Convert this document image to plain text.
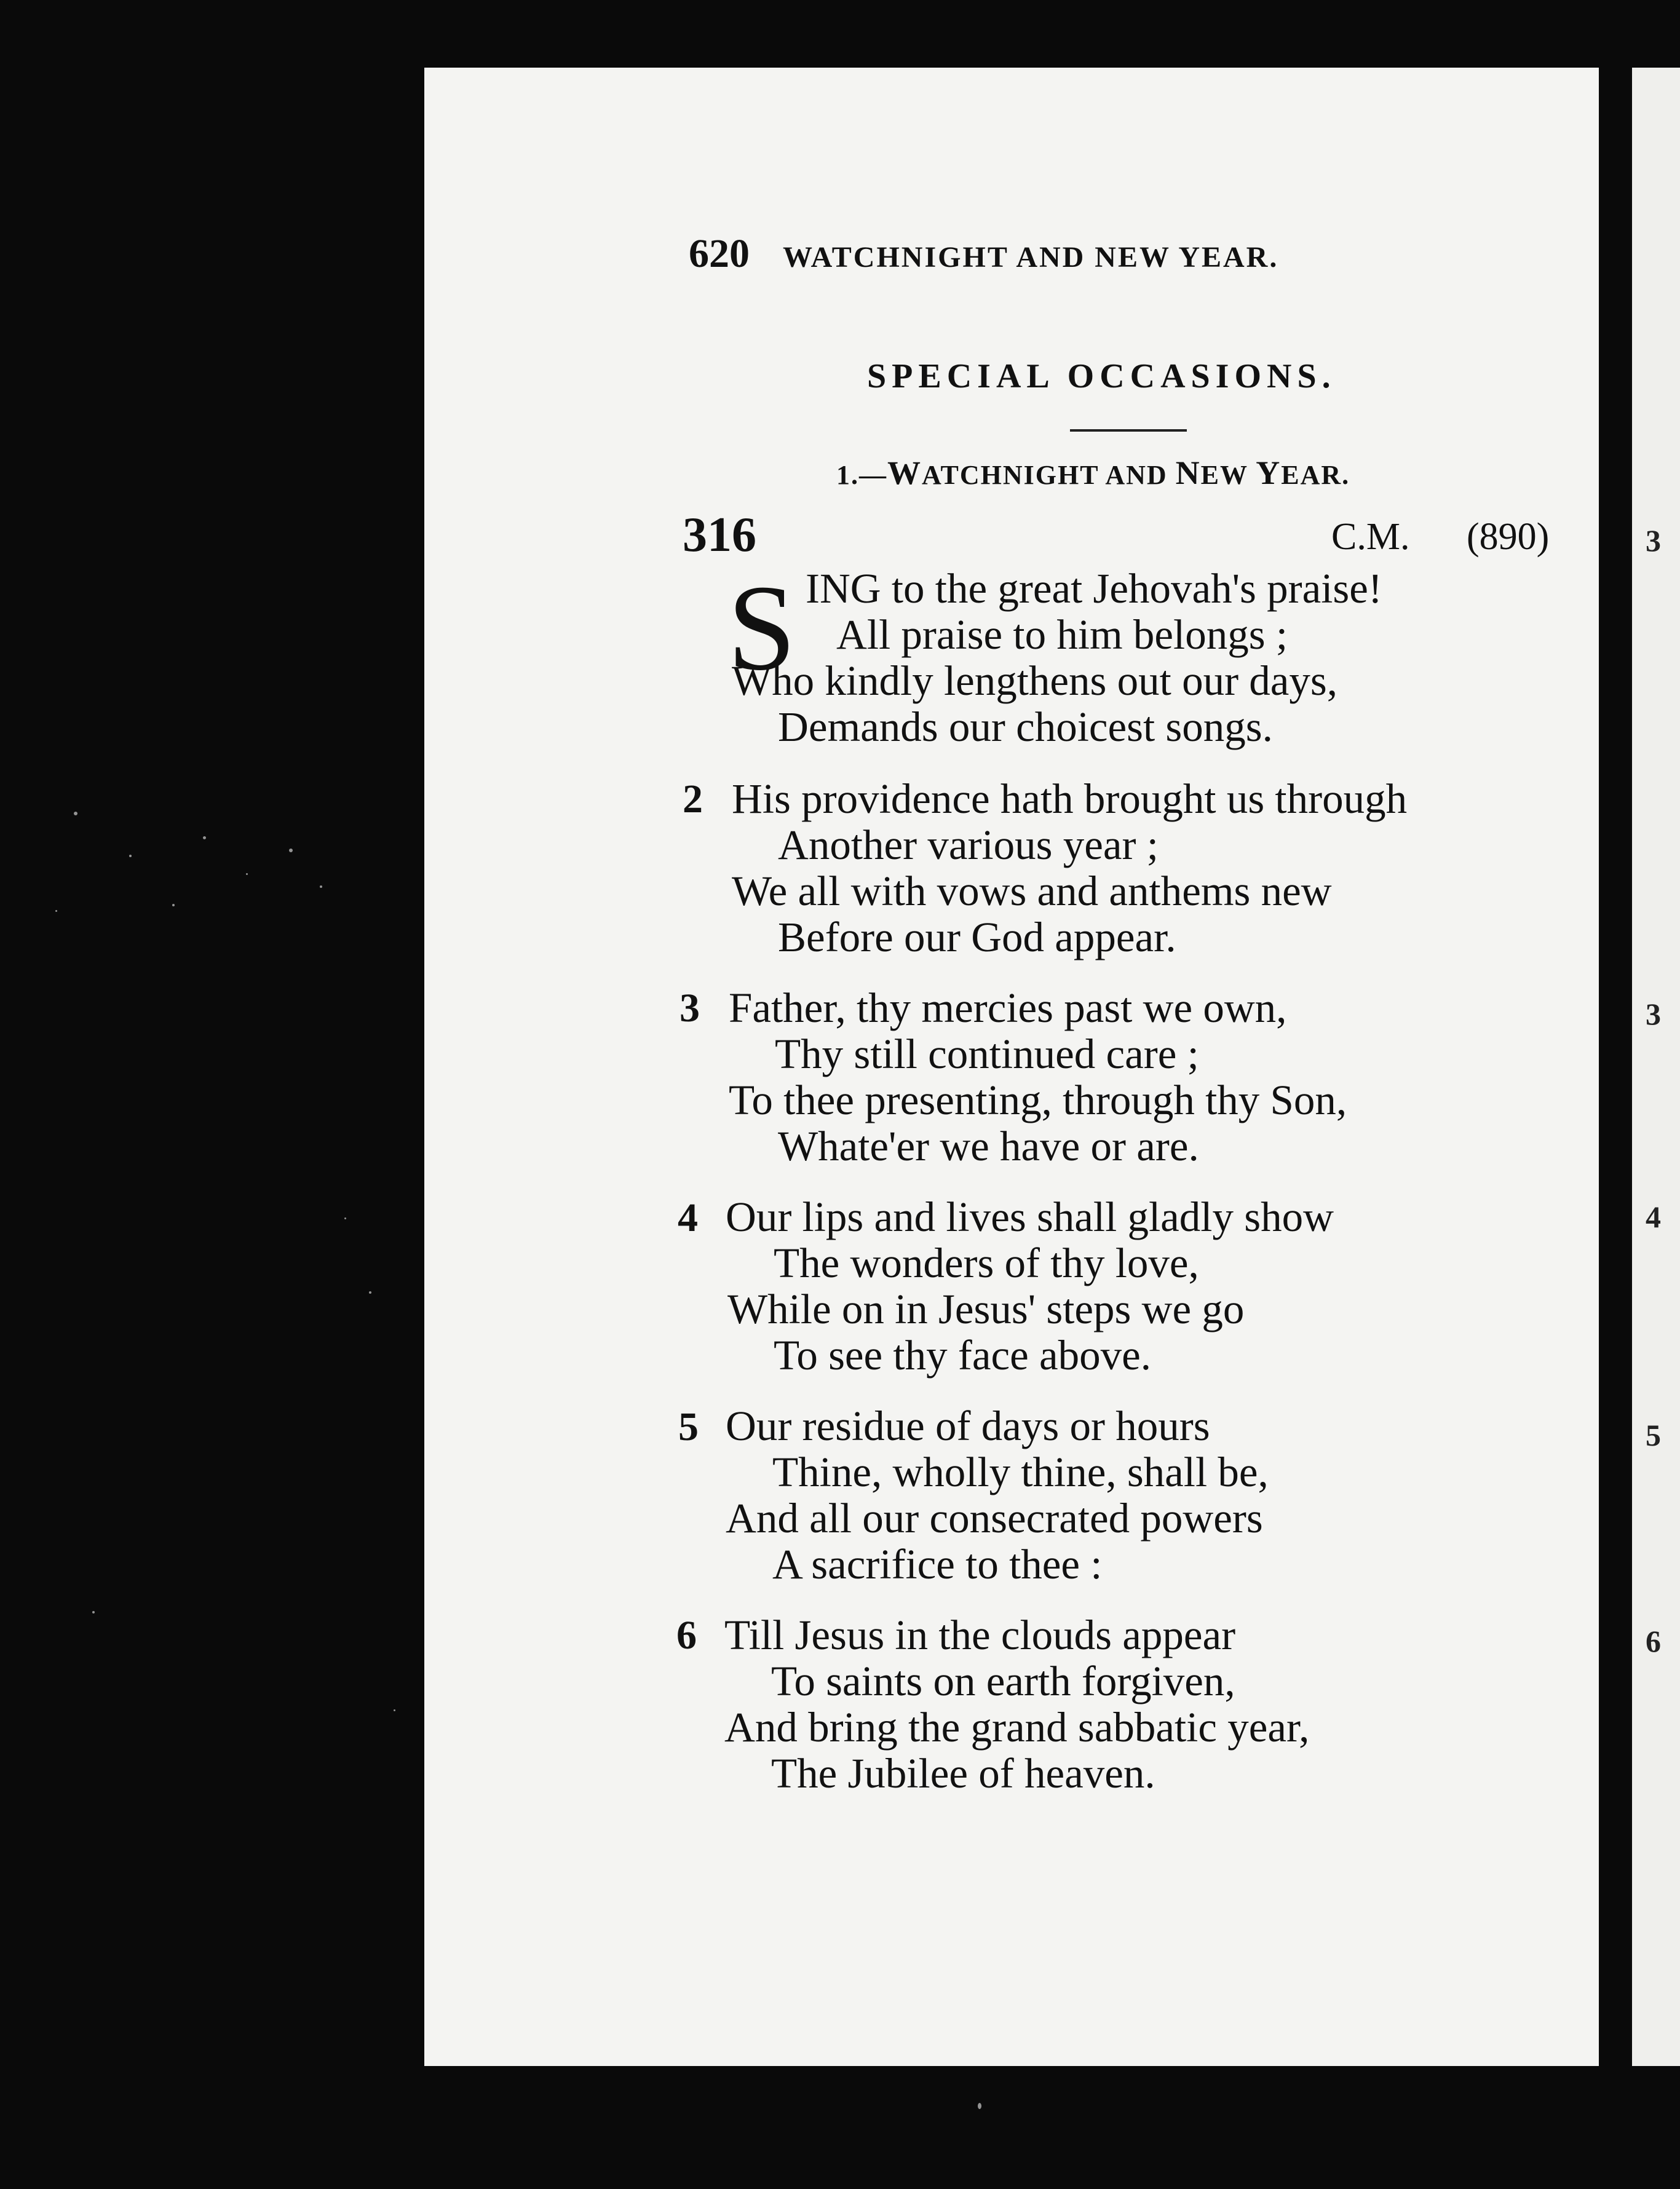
3
3
4
5
6
620 WATCHNIGHT AND NEW YEAR.
SPECIAL OCCASIONS.
1.—WATCHNIGHT AND NEW YEAR.
316	C.M. (890)
S ING to the great Jehovah's praise!
All praise to him belongs ;
Who kindly lengthens out our days,
Demands our choicest songs.
2 His providence hath brought us through
Another various year ;
We all with vows and anthems new
Before our God appear.
3 Father, thy mercies past we own,
Thy still continued care ;
To thee presenting, through thy Son,
Whate'er we have or are.
4 Our lips and lives shall gladly show
The wonders of thy love,
While on in Jesus' steps we go
To see thy face above.
5 Our residue of days or hours
Thine, wholly thine, shall be,
And all our consecrated powers
A sacrifice to thee :
6 Till Jesus in the clouds appear
To saints on earth forgiven,
And bring the grand sabbatic year,
The Jubilee of heaven.
